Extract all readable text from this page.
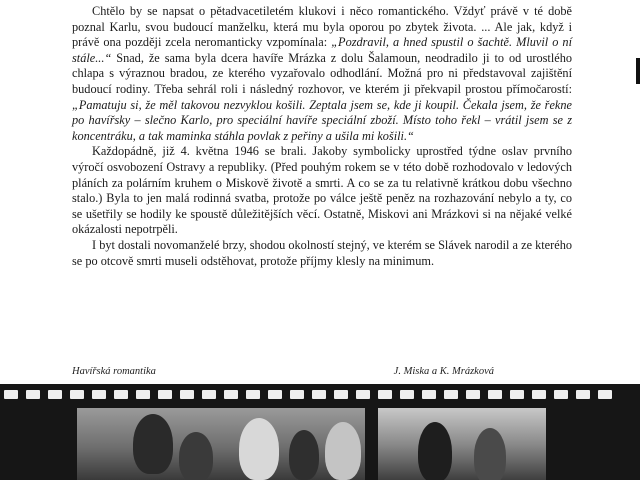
Chtělo by se napsat o pětadvacetiletém klukovi i něco romantického. Vždyť právě v té době poznal Karlu, svou budoucí manželku, která mu byla oporou po zbytek života. ... Ale jak, když i právě ona později zcela neromanticky vzpomínala: „Pozdravil, a hned spustil o šachtě. Mluvil o ní stále...“ Snad, že sama byla dcera havíře Mrázka z dolu Šalamoun, neodradilo ji to od urostlého chlapa s výraznou bradou, ze kterého vyzařovalo odhodlání. Možná pro ni představoval zajištění budoucí rodiny. Třeba sehrál roli i následný rozhovor, ve kterém ji překvapil prostou přímočarostí: „Pamatuju si, že měl takovou nezvyklou košili. Zeptala jsem se, kde ji koupil. Čekala jsem, že řekne po havířsky – slečno Karlo, pro speciální havíře speciální zboží. Místo toho řekl – vrátil jsem se z koncentráku, a tak maminka stáhla povlak z peřiny a ušila mi košili.“

Každopádně, již 4. května 1946 se brali. Jakoby symbolicky uprostřed týdne oslav prvního výročí osvobození Ostravy a republiky. (Před pouhým rokem se v této době rozhodovalo v ledových pláních za polárním kruhem o Miskově životě a smrti. A co se za tu relativně krátkou dobu všechno stalo.) Byla to jen malá rodinná svatba, protože po válce ještě peněz na rozhazování nebylo a ty, co se ušetřily se hodily ke spoustě důležitějších věcí. Ostatně, Miskovi ani Mrázkovi si na nějaké velké okázalosti nepotrpěli.

I byt dostali novomanželé brzy, shodou okolností stejný, ve kterém se Slávek narodil a ze kterého se po otcově smrti museli odstěhovat, protože příjmy klesly na minimum.

Havířská romantika	J. Miska a K. Mrázková
